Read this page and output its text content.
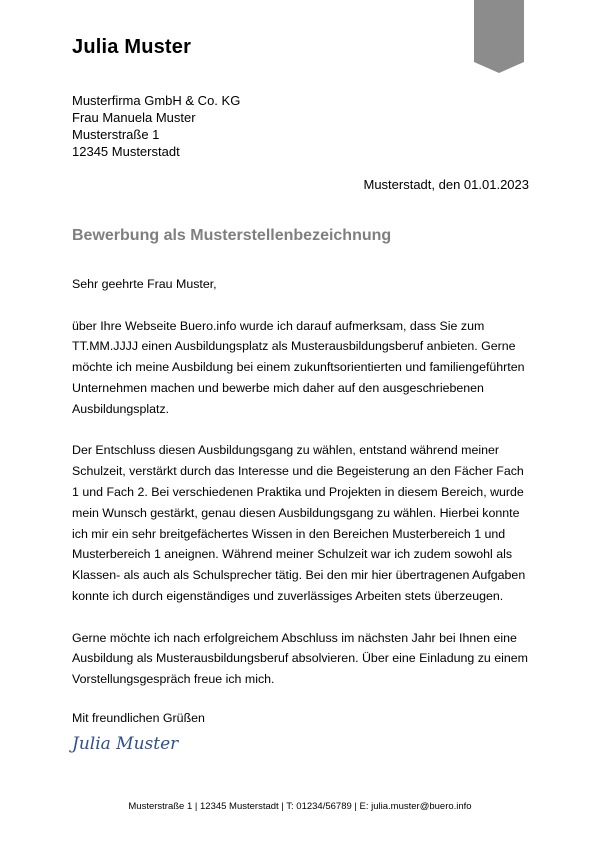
Julia Muster
Musterfirma GmbH & Co. KG
Frau Manuela Muster
Musterstraße 1
12345 Musterstadt
Musterstadt, den 01.01.2023
Bewerbung als Musterstellenbezeichnung

Sehr geehrte Frau Muster,

über Ihre Webseite Buero.info wurde ich darauf aufmerksam, dass Sie zum TT.MM.JJJJ einen Ausbildungsplatz als Musterausbildungsberuf anbieten. Gerne möchte ich meine Ausbildung bei einem zukunftsorientierten und familiengeführten Unternehmen machen und bewerbe mich daher auf den ausgeschriebenen Ausbildungsplatz.

Der Entschluss diesen Ausbildungsgang zu wählen, entstand während meiner Schulzeit, verstärkt durch das Interesse und die Begeisterung an den Fächer Fach 1 und Fach 2. Bei verschiedenen Praktika und Projekten in diesem Bereich, wurde mein Wunsch gestärkt, genau diesen Ausbildungsgang zu wählen. Hierbei konnte ich mir ein sehr breitgefächertes Wissen in den Bereichen Musterbereich 1 und Musterbereich 1 aneignen. Während meiner Schulzeit war ich zudem sowohl als Klassen- als auch als Schulsprecher tätig. Bei den mir hier übertragenen Aufgaben konnte ich durch eigenständiges und zuverlässiges Arbeiten stets überzeugen.

Gerne möchte ich nach erfolgreichem Abschluss im nächsten Jahr bei Ihnen eine Ausbildung als Musterausbildungsberuf absolvieren. Über eine Einladung zu einem Vorstellungsgespräch freue ich mich.

Mit freundlichen Grüßen
Julia Muster
Musterstraße 1 | 12345 Musterstadt | T: 01234/56789 | E: julia.muster@buero.info
